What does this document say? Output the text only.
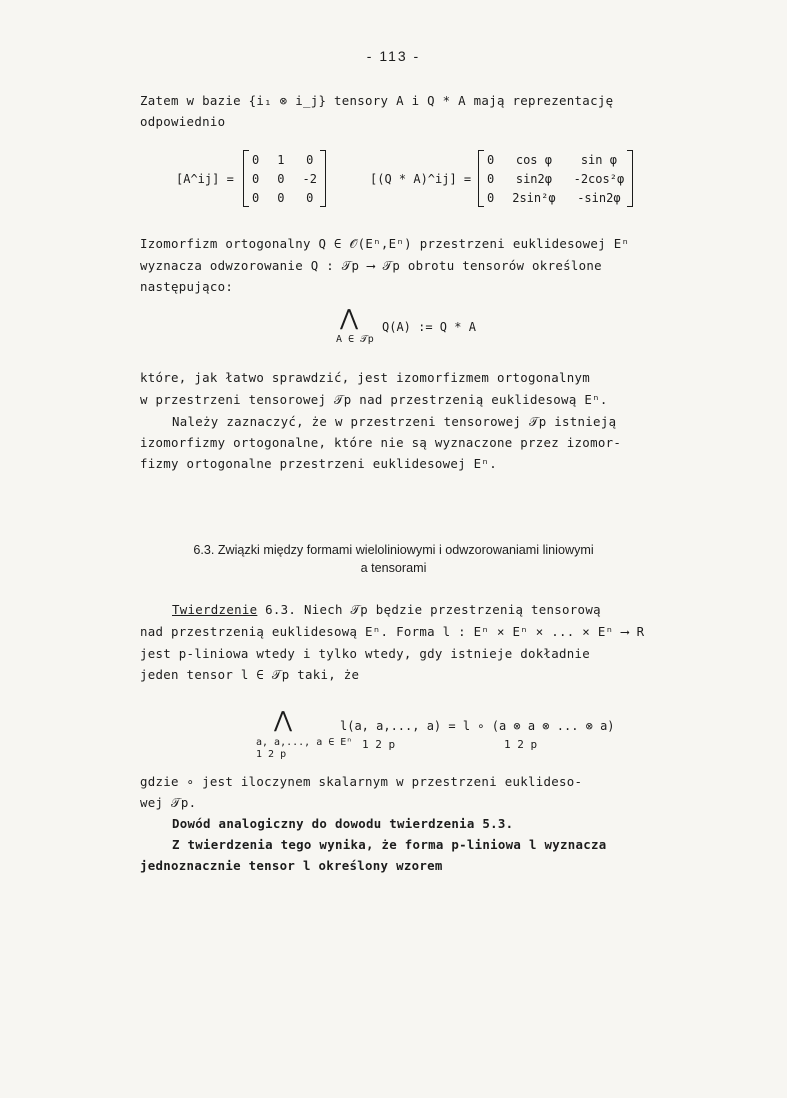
- 113 -
Zatem w bazie {i₁ ⊗ i_j} tensory A i Q * A mają reprezentację
odpowiednio
[A^ij] =
0	1	0
0	0	-2
0	0	0
[(Q * A)^ij] =
0	cos φ	sin φ
0	sin2φ	-2cos²φ
0	2sin²φ	-sin2φ
Izomorfizm ortogonalny Q ∈ 𝒪(Eⁿ,Eⁿ) przestrzeni euklidesowej Eⁿ
wyznacza odwzorowanie Q : 𝒯p ⟶ 𝒯p obrotu tensorów określone
następująco:
⋀
A ∈ 𝒯p
Q(A) := Q * A
które, jak łatwo sprawdzić, jest izomorfizmem ortogonalnym
w przestrzeni tensorowej 𝒯p nad przestrzenią euklidesową Eⁿ.
Należy zaznaczyć, że w przestrzeni tensorowej 𝒯p istnieją
izomorfizmy ortogonalne, które nie są wyznaczone przez izomor-
fizmy ortogonalne przestrzeni euklidesowej Eⁿ.
6.3. Związki między formami wieloliniowymi i odwzorowaniami liniowymi
a tensorami
Twierdzenie 6.3. Niech 𝒯p będzie przestrzenią tensorową
nad przestrzenią euklidesową Eⁿ. Forma l : Eⁿ × Eⁿ × ... × Eⁿ ⟶ R
jest p-liniowa wtedy i tylko wtedy, gdy istnieje dokładnie
jeden tensor l ∈ 𝒯p taki, że
⋀
a, a,..., a ∈ Eⁿ
1 2 p
l(a, a,..., a) = l ∘ (a ⊗ a ⊗ ... ⊗ a)
1 2 p	1 2 p
gdzie ∘ jest iloczynem skalarnym w przestrzeni euklideso-
wej 𝒯p.
Dowód analogiczny do dowodu twierdzenia 5.3.
Z twierdzenia tego wynika, że forma p-liniowa l wyznacza
jednoznacznie tensor l określony wzorem
